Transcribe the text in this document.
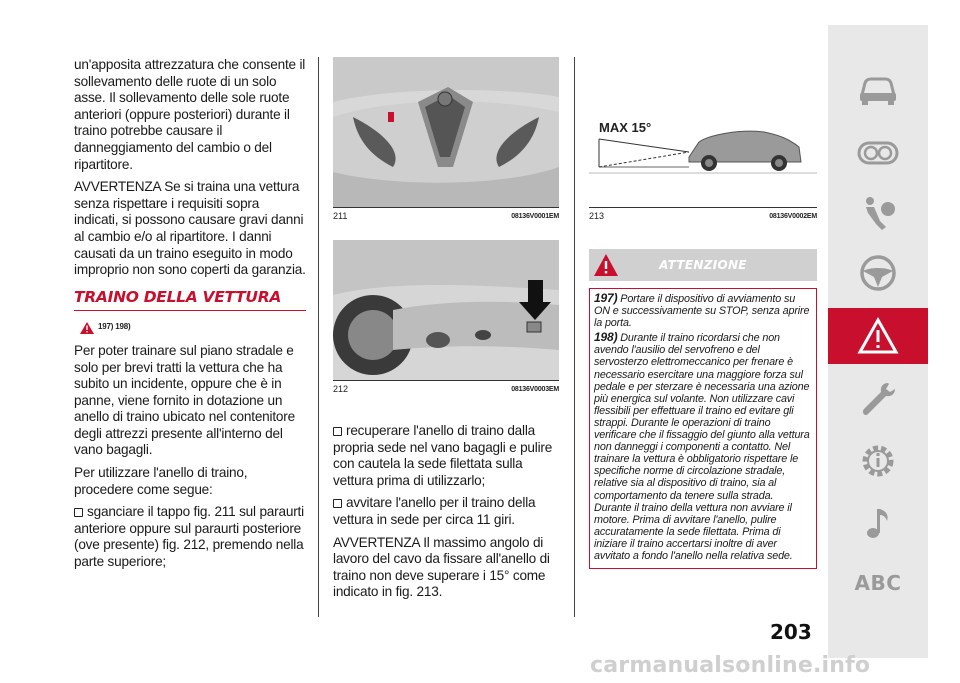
un'apposita attrezzatura che consente il sollevamento delle ruote di un solo asse. Il sollevamento delle sole ruote anteriori (oppure posteriori) durante il traino potrebbe causare il danneggiamento del cambio o del ripartitore.

AVVERTENZA Se si traina una vettura senza rispettare i requisiti sopra indicati, si possono causare gravi danni al cambio e/o al ripartitore. I danni causati da un traino eseguito in modo improprio non sono coperti da garanzia.

TRAINO DELLA VETTURA
197) 198)

Per poter trainare sul piano stradale e solo per brevi tratti la vettura che ha subito un incidente, oppure che è in panne, viene fornito in dotazione un anello di traino ubicato nel contenitore degli attrezzi presente all'interno del vano bagagli.

Per utilizzare l'anello di traino, procedere come segue:

sganciare il tappo fig. 211 sul paraurti anteriore oppure sul paraurti posteriore (ove presente) fig. 212, premendo nella parte superiore;

211	08136V0001EM
212	08136V0003EM

recuperare l'anello di traino dalla propria sede nel vano bagagli e pulire con cautela la sede filettata sulla vettura prima di utilizzarlo;

avvitare l'anello per il traino della vettura in sede per circa 11 giri.

AVVERTENZA Il massimo angolo di lavoro del cavo da fissare all'anello di traino non deve superare i 15° come indicato in fig. 213.

MAX 15°
213	08136V0002EM
ATTENZIONE

197) Portare il dispositivo di avviamento su ON e successivamente su STOP, senza aprire la porta.

198) Durante il traino ricordarsi che non avendo l'ausilio del servofreno e del servosterzo elettromeccanico per frenare è necessario esercitare una maggiore forza sul pedale e per sterzare è necessaria una azione più energica sul volante. Non utilizzare cavi flessibili per effettuare il traino ed evitare gli strappi. Durante le operazioni di traino verificare che il fissaggio del giunto alla vettura non danneggi i componenti a contatto. Nel trainare la vettura è obbligatorio rispettare le specifiche norme di circolazione stradale, relative sia al dispositivo di traino, sia al comportamento da tenere sulla strada. Durante il traino della vettura non avviare il motore. Prima di avvitare l'anello, pulire accuratamente la sede filettata. Prima di iniziare il traino accertarsi inoltre di aver avvitato a fondo l'anello nella relativa sede.

203
ABC
carmanualsonline.info
